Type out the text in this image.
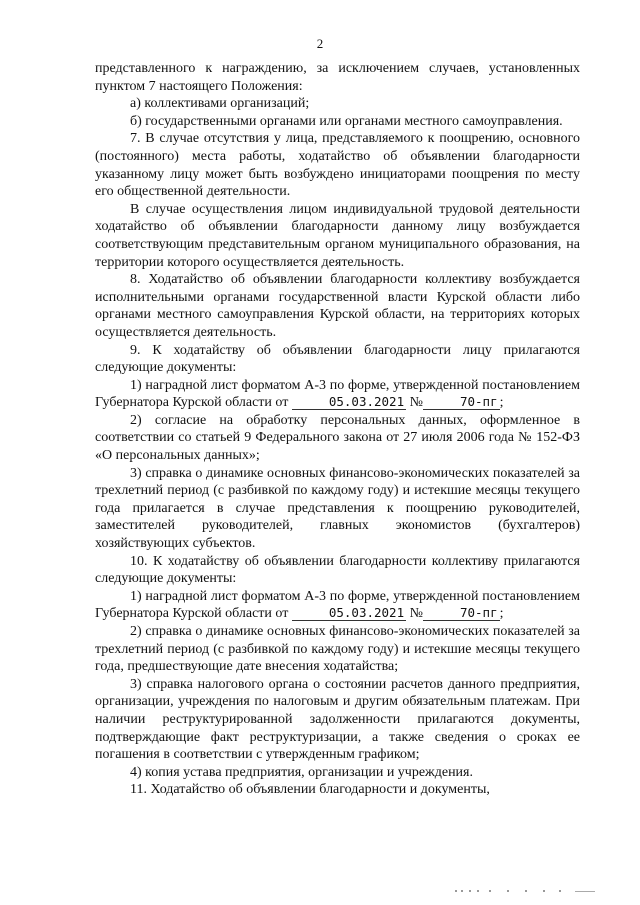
2

представленного к награждению, за исключением случаев, установленных пунктом 7 настоящего Положения:

а) коллективами организаций;

б) государственными органами или органами местного самоуправления.

7. В случае отсутствия у лица, представляемого к поощрению, основного (постоянного) места работы, ходатайство об объявлении благодарности указанному лицу может быть возбуждено инициаторами поощрения по месту его общественной деятельности.

В случае осуществления лицом индивидуальной трудовой деятельности ходатайство об объявлении благодарности данному лицу возбуждается соответствующим представительным органом муниципального образования, на территории которого осуществляется деятельность.

8. Ходатайство об объявлении благодарности коллективу возбуждается исполнительными органами государственной власти Курской области либо органами местного самоуправления Курской области, на территориях которых осуществляется деятельность.

9. К ходатайству об объявлении благодарности лицу прилагаются следующие документы:

1) наградной лист форматом А-3 по форме, утвержденной постановлением Губернатора Курской области от	05.03.2021 №	70-пг ;

2) согласие на обработку персональных данных, оформленное в соответствии со статьей 9 Федерального закона от 27 июля 2006 года № 152-ФЗ «О персональных данных»;

3) справка о динамике основных финансово-экономических показателей за трехлетний период (с разбивкой по каждому году) и истекшие месяцы текущего года прилагается в случае представления к поощрению руководителей, заместителей руководителей, главных экономистов (бухгалтеров) хозяйствующих субъектов.

10. К ходатайству об объявлении благодарности коллективу прилагаются следующие документы:

1) наградной лист форматом А-3 по форме, утвержденной постановлением Губернатора Курской области от	05.03.2021 №	70-пг ;

2) справка о динамике основных финансово-экономических показателей за трехлетний период (с разбивкой по каждому году) и истекшие месяцы текущего года, предшествующие дате внесения ходатайства;

3) справка налогового органа о состоянии расчетов данного предприятия, организации, учреждения по налоговым и другим обязательным платежам. При наличии реструктурированной задолженности прилагаются документы, подтверждающие факт реструктуризации, а также сведения о сроках ее погашения в соответствии с утвержденным графиком;

4) копия устава предприятия, организации и учреждения.

11. Ходатайство об объявлении благодарности и документы,
